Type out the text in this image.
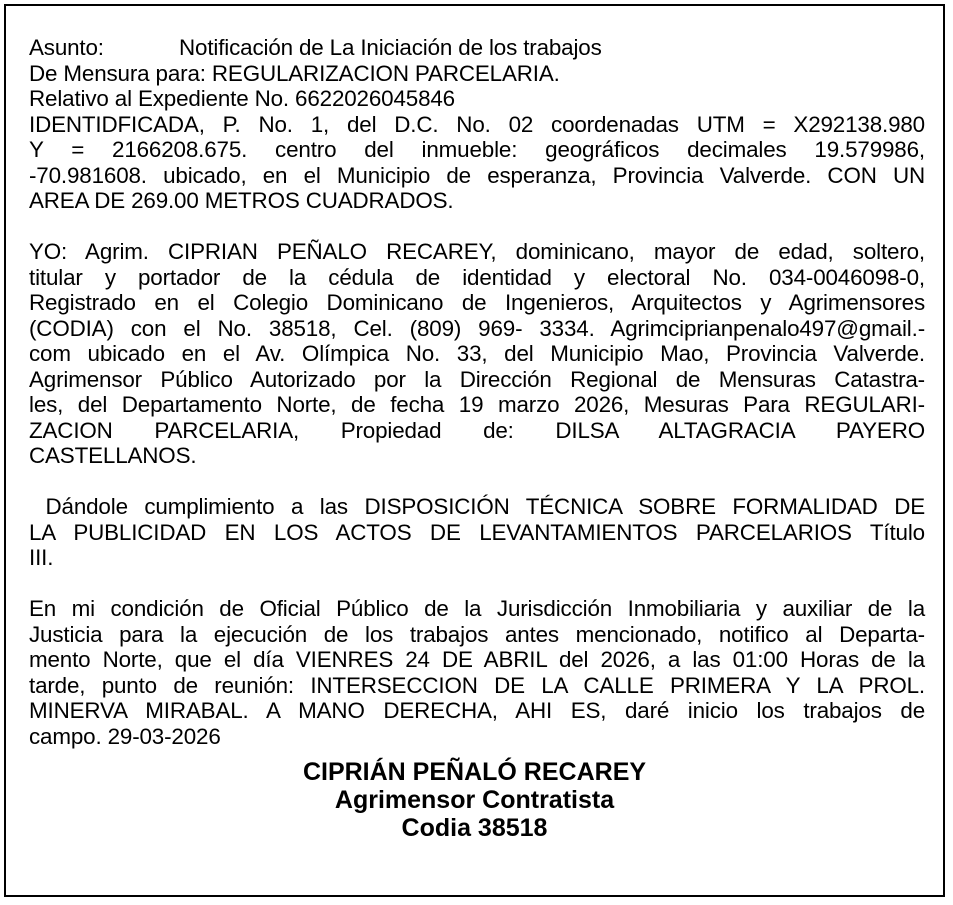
Asunto:	Notificación de La Iniciación de los trabajos
De Mensura para: REGULARIZACION PARCELARIA.
Relativo al Expediente No. 6622026045846
IDENTIDFICADA, P. No. 1, del D.C. No. 02 coordenadas UTM = X292138.980
Y = 2166208.675. centro del inmueble: geográficos decimales 19.579986,
-70.981608. ubicado, en el Municipio de esperanza, Provincia Valverde. CON UN
AREA DE 269.00 METROS CUADRADOS.
YO: Agrim. CIPRIAN PEÑALO RECAREY, dominicano, mayor de edad, soltero,
titular y portador de la cédula de identidad y electoral No. 034-0046098-0,
Registrado en el Colegio Dominicano de Ingenieros, Arquitectos y Agrimensores
(CODIA) con el No. 38518, Cel. (809) 969- 3334. Agrimciprianpenalo497@gmail.-
com ubicado en el Av. Olímpica No. 33, del Municipio Mao, Provincia Valverde.
Agrimensor Público Autorizado por la Dirección Regional de Mensuras Catastra-
les, del Departamento Norte, de fecha 19 marzo 2026, Mesuras Para REGULARI-
ZACION PARCELARIA, Propiedad de: DILSA ALTAGRACIA PAYERO
CASTELLANOS.
Dándole cumplimiento a las DISPOSICIÓN TÉCNICA SOBRE FORMALIDAD DE
LA PUBLICIDAD EN LOS ACTOS DE LEVANTAMIENTOS PARCELARIOS Título
III.
En mi condición de Oficial Público de la Jurisdicción Inmobiliaria y auxiliar de la
Justicia para la ejecución de los trabajos antes mencionado, notifico al Departa-
mento Norte, que el día VIENRES 24 DE ABRIL del 2026, a las 01:00 Horas de la
tarde, punto de reunión: INTERSECCION DE LA CALLE PRIMERA Y LA PROL.
MINERVA MIRABAL. A MANO DERECHA, AHI ES, daré inicio los trabajos de
campo. 29-03-2026
CIPRIÁN PEÑALÓ RECAREY
Agrimensor Contratista
Codia 38518
